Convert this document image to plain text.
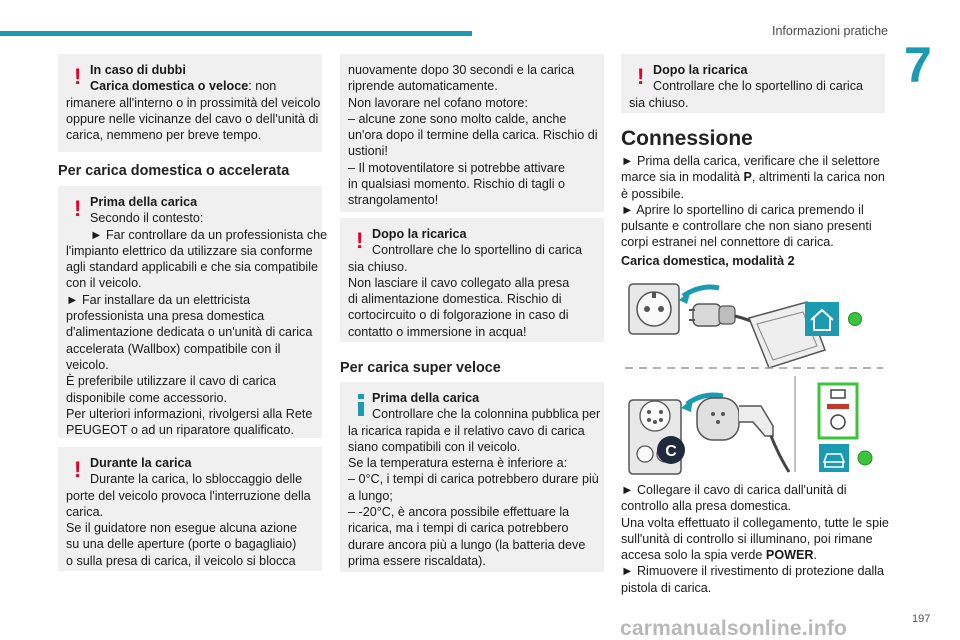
Informazioni pratiche
7
! In caso di dubbi
Carica domestica o veloce: non
rimanere all'interno o in prossimità del veicolo
oppure nelle vicinanze del cavo o dell'unità di
carica, nemmeno per breve tempo.
Per carica domestica o accelerata
! Prima della carica
Secondo il contesto:
► Far controllare da un professionista che
l'impianto elettrico da utilizzare sia conforme
agli standard applicabili e che sia compatibile
con il veicolo.
► Far installare da un elettricista
professionista una presa domestica
d'alimentazione dedicata o un'unità di carica
accelerata (Wallbox) compatibile con il
veicolo.
È preferibile utilizzare il cavo di carica
disponibile come accessorio.
Per ulteriori informazioni, rivolgersi alla Rete
PEUGEOT o ad un riparatore qualificato.
! Durante la carica
Durante la carica, lo sbloccaggio delle
porte del veicolo provoca l'interruzione della
carica.
Se il guidatore non esegue alcuna azione
su una delle aperture (porte o bagagliaio)
o sulla presa di carica, il veicolo si blocca
nuovamente dopo 30 secondi e la carica
riprende automaticamente.
Non lavorare nel cofano motore:
– alcune zone sono molto calde, anche
un'ora dopo il termine della carica. Rischio di
ustioni!
– Il motoventilatore si potrebbe attivare
in qualsiasi momento. Rischio di tagli o
strangolamento!
! Dopo la ricarica
Controllare che lo sportellino di carica
sia chiuso.
Non lasciare il cavo collegato alla presa
di alimentazione domestica. Rischio di
cortocircuito o di folgorazione in caso di
contatto o immersione in acqua!
Per carica super veloce
Prima della carica
Controllare che la colonnina pubblica per
la ricarica rapida e il relativo cavo di carica
siano compatibili con il veicolo.
Se la temperatura esterna è inferiore a:
– 0°C, i tempi di carica potrebbero durare più
a lungo;
– -20°C, è ancora possibile effettuare la
ricarica, ma i tempi di carica potrebbero
durare ancora più a lungo (la batteria deve
prima essere riscaldata).
! Dopo la ricarica
Controllare che lo sportellino di carica
sia chiuso.
Connessione
► Prima della carica, verificare che il selettore
marce sia in modalità P, altrimenti la carica non
è possibile.
► Aprire lo sportellino di carica premendo il
pulsante e controllare che non siano presenti
corpi estranei nel connettore di carica.
Carica domestica, modalità 2
C
► Collegare il cavo di carica dall'unità di
controllo alla presa domestica.
Una volta effettuato il collegamento, tutte le spie
sull'unità di controllo si illuminano, poi rimane
accesa solo la spia verde POWER.
► Rimuovere il rivestimento di protezione dalla
pistola di carica.
197
carmanualsonline.info
